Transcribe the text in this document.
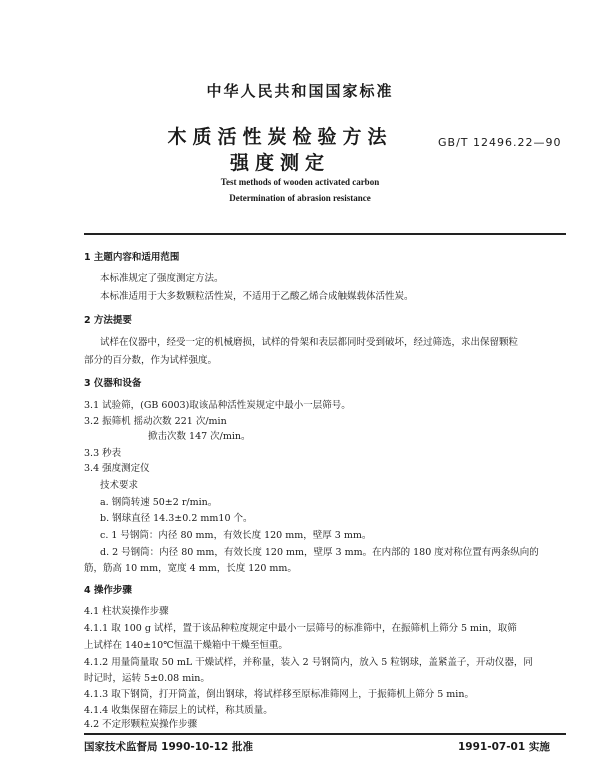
中华人民共和国国家标准
木质活性炭检验方法
强度测定
GB/T 12496.22—90
Test methods of wooden activated carbon
Determination of abrasion resistance
1 主题内容和适用范围
本标准规定了强度测定方法。
本标准适用于大多数颗粒活性炭，不适用于乙酸乙烯合成触媒载体活性炭。
2 方法提要
试样在仪器中，经受一定的机械磨损，试样的骨架和表层都同时受到破坏，经过筛选，求出保留颗粒
部分的百分数，作为试样强度。
3 仪器和设备
3.1 试验筛，(GB 6003)取该品种活性炭规定中最小一层筛号。
3.2 振筛机 摇动次数 221 次/min
掀击次数 147 次/min。
3.3 秒表
3.4 强度测定仪
技术要求
a. 钢筒转速 50±2 r/min。
b. 钢球直径 14.3±0.2 mm10 个。
c. 1 号钢筒：内径 80 mm，有效长度 120 mm，壁厚 3 mm。
d. 2 号钢筒：内径 80 mm，有效长度 120 mm，壁厚 3 mm。在内部的 180 度对称位置有两条纵向的
筋，筋高 10 mm，宽度 4 mm，长度 120 mm。
4 操作步骤
4.1 柱状炭操作步骤
4.1.1 取 100 g 试样，置于该品种粒度规定中最小一层筛号的标准筛中，在振筛机上筛分 5 min，取筛
上试样在 140±10℃恒温干燥箱中干燥至恒重。
4.1.2 用量筒量取 50 mL 干燥试样，并称量，装入 2 号钢筒内，放入 5 粒钢球，盖紧盖子，开动仪器，同
时记时，运转 5±0.08 min。
4.1.3 取下钢筒，打开筒盖，倒出钢球，将试样移至原标准筛网上，于振筛机上筛分 5 min。
4.1.4 收集保留在筛层上的试样，称其质量。
4.2 不定形颗粒炭操作步骤
国家技术监督局 1990-10-12 批准	1991-07-01 实施
